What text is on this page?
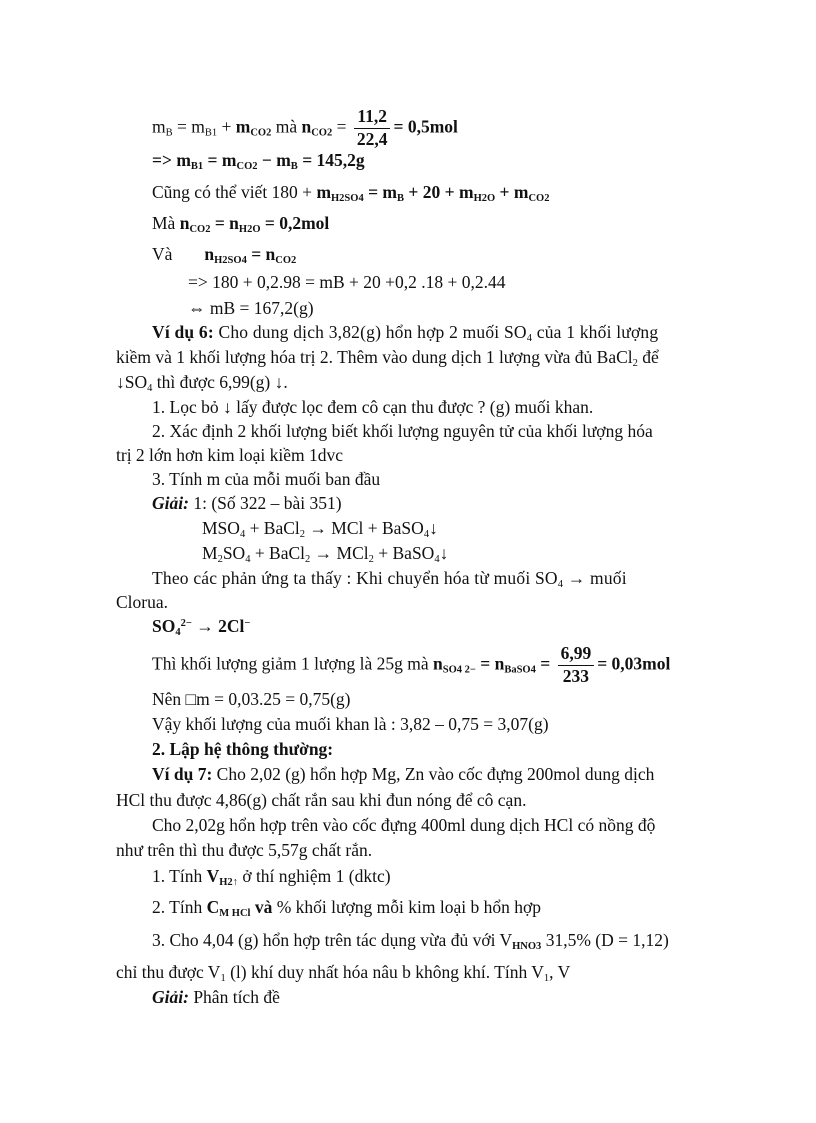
$m_B = m_{B1} + m_{CO2}$ mà $n_{CO2} = \frac{11,2}{22,4} = 0,5mol$
=> $m_{B1} = m_{CO2} - m_B = 145,2g$
Cũng có thể viết $180 + m_{H2SO4} = m_B + 20 + m_{H2O} + m_{CO2}$
Mà $n_{CO2} = n_{H2O} = 0,2mol$
Và $n_{H2SO4} = n_{CO2}$
=> 180 + 0,2.98 = mB + 20 +0,2 .18 + 0,2.44
⇔ mB = 167,2(g)
Ví dụ 6: Cho dung dịch 3,82(g) hổn hợp 2 muối $SO_4$ của 1 khối lượng
kiềm và 1 khối lượng hóa trị 2. Thêm vào dung dịch 1 lượng vừa đủ BaCl$_2$ để
$↓SO_4$ thì được 6,99(g) ↓.
1. Lọc bỏ ↓ lấy được lọc đem cô cạn thu được ? (g) muối khan.
2. Xác định 2 khối lượng biết khối lượng nguyên tử của khối lượng hóa
trị 2 lớn hơn kim loại kiềm 1dvc
3. Tính m của mỗi muối ban đầu
Giải: 1: (Số 322 – bài 351)
$MSO_4$ + BaCl$_2$ → MCl + BaSO$_4$↓
$M_2SO_4$ + BaCl$_2$ → MCl$_2$ + BaSO$_4$↓
Theo các phản ứng ta thấy : Khi chuyển hóa từ muối $SO_4$ → muối
Clorua.
$SO_4^{2-} \to 2Cl^-$
Thì khối lượng giảm 1 lượng là 25g mà $n_{SO4 2-} = n_{BaSO4} = \frac{6,99}{233} = 0,03mol$
Nên □m = 0,03.25 = 0,75(g)
Vậy khối lượng của muối khan là : 3,82 – 0,75 = 3,07(g)
2. Lập hệ thông thường:
Ví dụ 7: Cho 2,02 (g) hổn hợp Mg, Zn vào cốc đựng 200mol dung dịch
HCl thu được 4,86(g) chất rắn sau khi đun nóng để cô cạn.
Cho 2,02g hổn hợp trên vào cốc đựng 400ml dung dịch HCl có nồng độ
như trên thì thu được 5,57g chất rắn.
1. Tính $V_{H2↑}$ ở thí nghiệm 1 (dktc)
2. Tính $C_{M HCl}$ và % khối lượng mỗi kim loại b hổn hợp
3. Cho 4,04 (g) hổn hợp trên tác dụng vừa đủ với $V_{HNO3}$ 31,5% (D = 1,12)
chỉ thu được $V_1$ (l) khí duy nhất hóa nâu b không khí. Tính $V_1$, V
Giải: Phân tích đề
